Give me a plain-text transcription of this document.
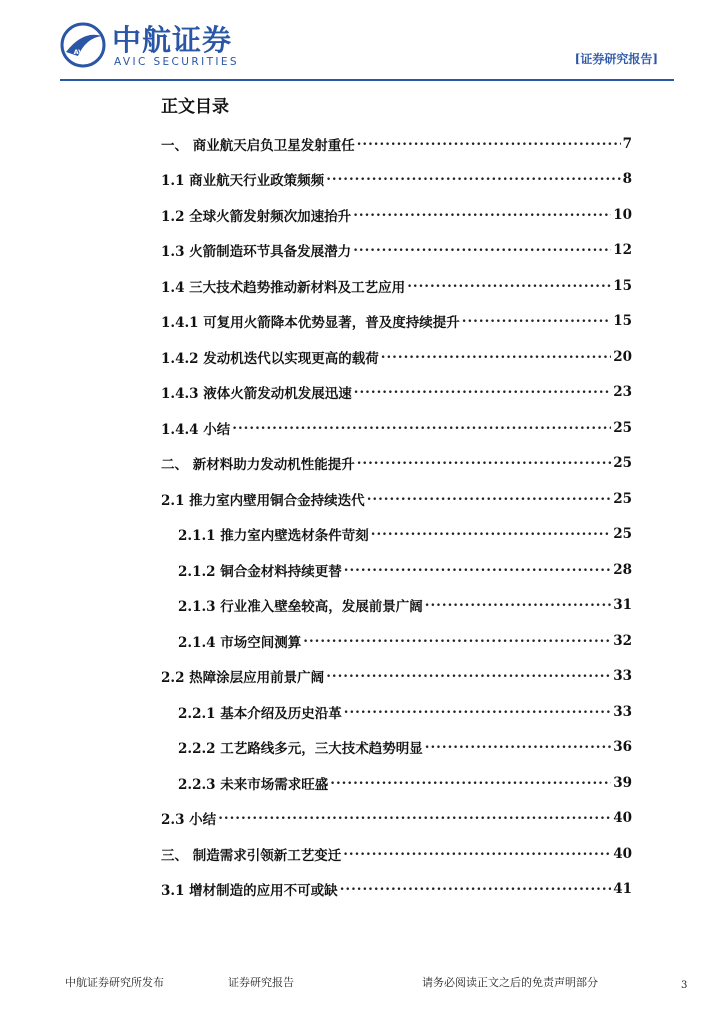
AVIC 中航证券
AVIC SECURITIES	[证券研究报告]
正文目录
一、 商业航天启负卫星发射重任 .....	7
1.1 商业航天行业政策频频 .....	8
1.2 全球火箭发射频次加速抬升 .....	10
1.3 火箭制造环节具备发展潜力 .....	12
1.4 三大技术趋势推动新材料及工艺应用 .....	15
1.4.1 可复用火箭降本优势显著，普及度持续提升 .....	15
1.4.2 发动机迭代以实现更高的载荷 .....	20
1.4.3 液体火箭发动机发展迅速 .....	23
1.4.4 小结 .....	25
二、 新材料助力发动机性能提升 .....	25
2.1 推力室内壁用铜合金持续迭代 .....	25
2.1.1 推力室内壁选材条件苛刻 .....	25
2.1.2 铜合金材料持续更替 .....	28
2.1.3 行业准入壁垒较高，发展前景广阔 .....	31
2.1.4 市场空间测算 .....	32
2.2 热障涂层应用前景广阔 .....	33
2.2.1 基本介绍及历史沿革 .....	33
2.2.2 工艺路线多元，三大技术趋势明显 .....	36
2.2.3 未来市场需求旺盛 .....	39
2.3 小结 .....	40
三、 制造需求引领新工艺变迁 .....	40
3.1 增材制造的应用不可或缺 .....	41
中航证券研究所发布	证券研究报告	请务必阅读正文之后的免责声明部分	3
